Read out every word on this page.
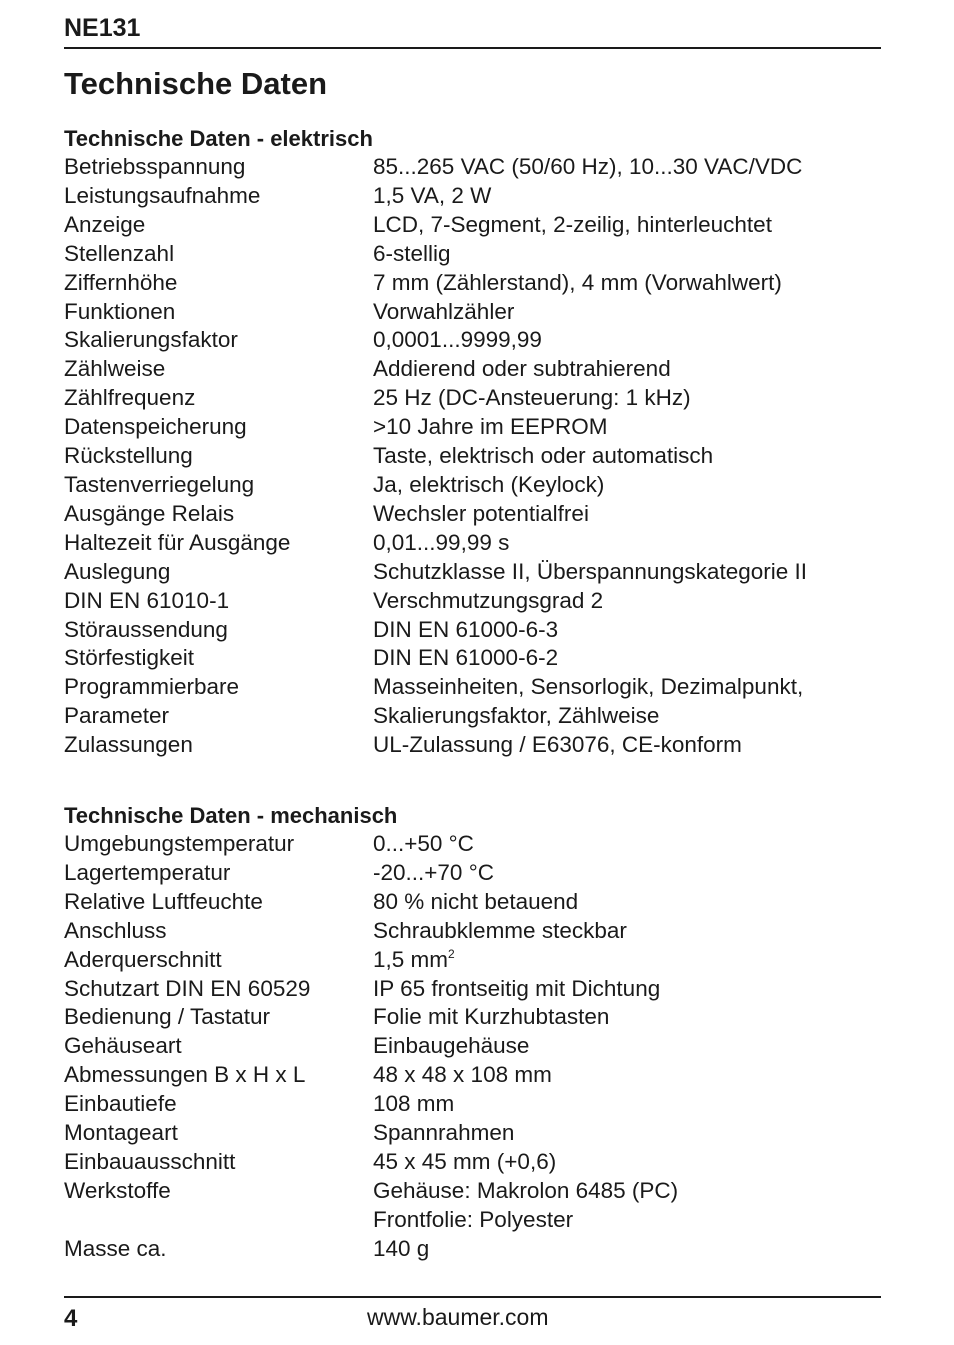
NE131
Technische Daten
Technische Daten - elektrisch
Betriebsspannung	85...265 VAC (50/60 Hz), 10...30 VAC/VDC
Leistungsaufnahme	1,5 VA, 2 W
Anzeige	LCD, 7-Segment, 2-zeilig, hinterleuchtet
Stellenzahl	6-stellig
Ziffernhöhe	7 mm (Zählerstand), 4 mm (Vorwahlwert)
Funktionen	Vorwahlzähler
Skalierungsfaktor	0,0001...9999,99
Zählweise	Addierend oder subtrahierend
Zählfrequenz	25 Hz (DC-Ansteuerung: 1 kHz)
Datenspeicherung	>10 Jahre im EEPROM
Rückstellung	Taste, elektrisch oder automatisch
Tastenverriegelung	Ja, elektrisch (Keylock)
Ausgänge Relais	Wechsler potentialfrei
Haltezeit für Ausgänge	0,01...99,99 s
Auslegung	Schutzklasse II, Überspannungskategorie II
DIN EN 61010-1	Verschmutzungsgrad 2
Störaussendung	DIN EN 61000-6-3
Störfestigkeit	DIN EN 61000-6-2
Programmierbare	Masseinheiten, Sensorlogik, Dezimalpunkt,
Parameter	Skalierungsfaktor, Zählweise
Zulassungen	UL-Zulassung / E63076, CE-konform
Technische Daten - mechanisch
Umgebungstemperatur	0...+50 °C
Lagertemperatur	-20...+70 °C
Relative Luftfeuchte	80 % nicht betauend
Anschluss	Schraubklemme steckbar
Aderquerschnitt	1,5 $mm^2$
Schutzart DIN EN 60529	IP 65 frontseitig mit Dichtung
Bedienung / Tastatur	Folie mit Kurzhubtasten
Gehäuseart	Einbaugehäuse
Abmessungen B x H x L	48 x 48 x 108 mm
Einbautiefe	108 mm
Montageart	Spannrahmen
Einbauausschnitt	45 x 45 mm (+0,6)
Werkstoffe	Gehäuse: Makrolon 6485 (PC)
Frontfolie: Polyester
Masse ca.	140 g
4	www.baumer.com
